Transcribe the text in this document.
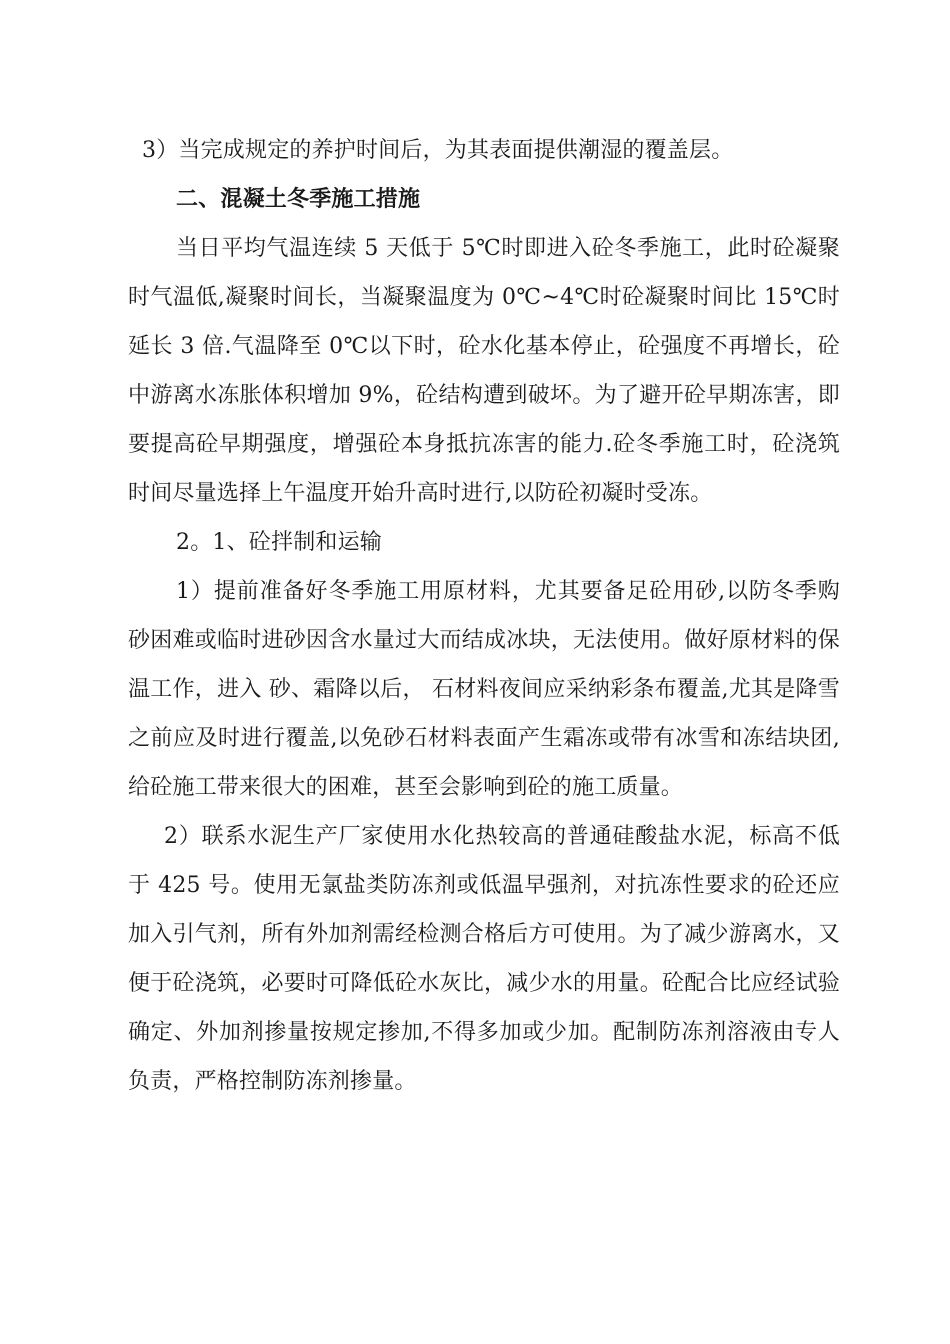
3）当完成规定的养护时间后，为其表面提供潮湿的覆盖层。

二、混凝土冬季施工措施

当日平均气温连续 5 天低于 5℃时即进入砼冬季施工，此时砼凝聚时气温低,凝聚时间长，当凝聚温度为 0℃~4℃时砼凝聚时间比 15℃时延长 3 倍.气温降至 0℃以下时，砼水化基本停止，砼强度不再增长，砼中游离水冻胀体积增加 9%，砼结构遭到破坏。为了避开砼早期冻害，即要提高砼早期强度，增强砼本身抵抗冻害的能力.砼冬季施工时，砼浇筑时间尽量选择上午温度开始升高时进行,以防砼初凝时受冻。

2。1、砼拌制和运输

1）提前准备好冬季施工用原材料，尤其要备足砼用砂,以防冬季购砂困难或临时进砂因含水量过大而结成冰块，无法使用。做好原材料的保温工作，进入 砂、霜降以后， 石材料夜间应采纳彩条布覆盖,尤其是降雪之前应及时进行覆盖,以免砂石材料表面产生霜冻或带有冰雪和冻结块团,给砼施工带来很大的困难，甚至会影响到砼的施工质量。

2）联系水泥生产厂家使用水化热较高的普通硅酸盐水泥，标高不低于 425 号。使用无氯盐类防冻剂或低温早强剂，对抗冻性要求的砼还应加入引气剂，所有外加剂需经检测合格后方可使用。为了减少游离水，又便于砼浇筑，必要时可降低砼水灰比，减少水的用量。砼配合比应经试验确定、外加剂掺量按规定掺加,不得多加或少加。配制防冻剂溶液由专人负责，严格控制防冻剂掺量。
